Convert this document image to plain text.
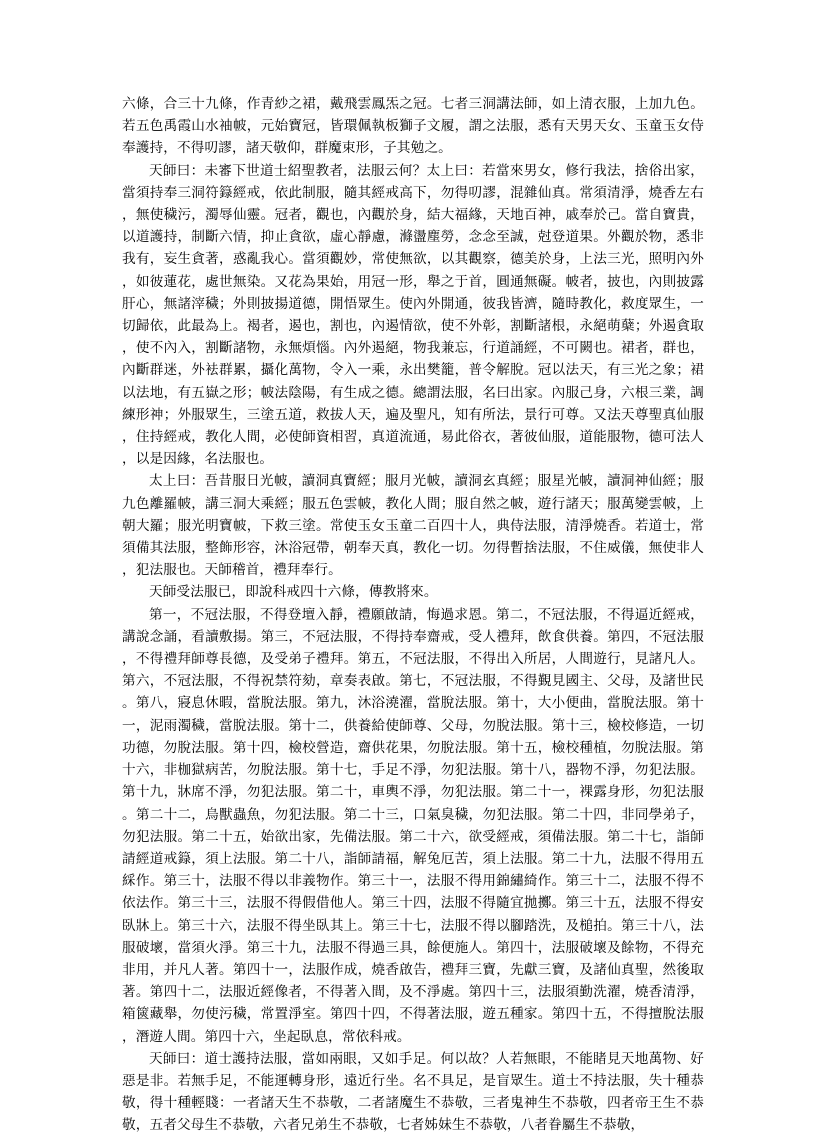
六條，合三十九條，作青紗之裙，戴飛雲鳳炁之冠。七者三洞講法師，如上清衣服，上加九色。若五色禹霞山水袖帔，元始寶冠，皆環佩執板獅子文履，謂之法服，悉有天男天女、玉童玉女侍奉護持，不得叨謬，諸天敬仰，群魔束形，子其勉之。

天師曰：未審下世道士紹聖教者，法服云何？太上曰：若當來男女，修行我法，捨俗出家，當須持奉三洞符籙經戒，依此制服，隨其經戒高下，勿得叨謬，混雜仙真。常須清淨，燒香左右，無使穢污，濁辱仙靈。冠者，觀也，內觀於身，結大福緣，天地百神，戚奉於己。當自寶貴，以道護持，制斷六情，抑止貪欲，虛心靜慮，滌盪塵勞，念念至誠，尅登道果。外觀於物，悉非我有，妄生貪著，惑亂我心。當須觀妙，常使無欲，以其觀察，德美於身，上法三光，照明內外，如彼蓮花，處世無染。又花為果始，用冠一形，舉之于首，圓通無礙。帔者，披也，內則披露肝心，無諸滓穢；外則披揚道德，開悟眾生。使內外開通，彼我皆濟，隨時教化，救度眾生，一切歸依，此最為上。褐者，遏也，割也，內遏情欲，使不外彰，割斷諸根，永絕萌蘖；外遏貪取，使不內入，割斷諸物，永無煩惱。內外遏絕，物我兼忘，行道誦經，不可闕也。裙者，群也，內斷群迷，外袪群累，攝化萬物，令入一乘，永出樊籠，普令解脫。冠以法天，有三光之象；裙以法地，有五嶽之形；帔法陰陽，有生成之德。總謂法服，名曰出家。內服己身，六根三業，調練形神；外服眾生，三塗五道，救拔人天，遍及聖凡，知有所法，景行可尊。又法天尊聖真仙服，住持經戒，教化人間，必使師資相習，真道流通，易此俗衣，著彼仙服，道能服物，德可法人，以是因緣，名法服也。

太上曰：吾昔服日光帔，讀洞真寶經；服月光帔，讀洞玄真經；服星光帔，讀洞神仙經；服九色離羅帔，講三洞大乘經；服五色雲帔，教化人間；服自然之帔，遊行諸天；服萬變雲帔，上朝大羅；服光明寶帔，下救三塗。常使玉女玉童二百四十人，典侍法服，清淨燒香。若道士，常須備其法服，整飾形容，沐浴冠帶，朝奉天真，教化一切。勿得暫捨法服，不住威儀，無使非人，犯法服也。天師稽首，禮拜奉行。

天師受法服已，即說科戒四十六條，傳教將來。

第一，不冠法服，不得登壇入靜，禮願啟請，悔過求恩。第二，不冠法服，不得逼近經戒，講說念誦，看讀敷揚。第三，不冠法服，不得持奉齋戒，受人禮拜，飲食供養。第四，不冠法服，不得禮拜師尊長德，及受弟子禮拜。第五，不冠法服，不得出入所居，人間遊行，見諸凡人。第六，不冠法服，不得祝禁符劾，章奏表啟。第七，不冠法服，不得覲見國主、父母，及諸世民。第八，寢息休暇，當脫法服。第九，沐浴澆濯，當脫法服。第十，大小便曲，當脫法服。第十一，泥雨濁穢，當脫法服。第十二，供養給使師尊、父母，勿脫法服。第十三，檢校修造，一切功德，勿脫法服。第十四，檢校營造，齋供花果，勿脫法服。第十五，檢校種植，勿脫法服。第十六，非枷獄病苦，勿脫法服。第十七，手足不淨，勿犯法服。第十八，器物不淨，勿犯法服。第十九，牀席不淨，勿犯法服。第二十，車輿不淨，勿犯法服。第二十一，裸露身形，勿犯法服。第二十二，烏獸蟲魚，勿犯法服。第二十三，口氣臭穢，勿犯法服。第二十四，非同學弟子，勿犯法服。第二十五，始欲出家，先備法服。第二十六，欲受經戒，須備法服。第二十七，詣師請經道戒籙，須上法服。第二十八，詣師請福，解兔厄苦，須上法服。第二十九，法服不得用五綵作。第三十，法服不得以非義物作。第三十一，法服不得用錦繡綺作。第三十二，法服不得不依法作。第三十三，法服不得假借他人。第三十四，法服不得隨宜拋擲。第三十五，法服不得安臥牀上。第三十六，法服不得坐臥其上。第三十七，法服不得以腳踏洗，及槌拍。第三十八，法服破壞，當須火淨。第三十九，法服不得過三具，餘便施人。第四十，法服破壞及餘物，不得充非用，并凡人著。第四十一，法服作成，燒香啟告，禮拜三寶，先獻三寶，及諸仙真聖，然後取著。第四十二，法服近經像者，不得著入間，及不淨處。第四十三，法服須勤洗濯，燒香清淨，箱篋藏舉，勿使污穢，常置淨室。第四十四，不得著法服，遊五種家。第四十五，不得擅脫法服，潛遊人間。第四十六，坐起臥息，常依科戒。

天師曰：道士護持法服，當如兩眼，又如手足。何以故？人若無眼，不能睹見天地萬物、好惡是非。若無手足，不能運轉身形，遠近行坐。名不具足，是盲眾生。道士不持法服，失十種恭敬，得十種輕賤：一者諸天生不恭敬，二者諸魔生不恭敬，三者鬼神生不恭敬，四者帝王生不恭敬，五者父母生不恭敬，六者兄弟生不恭敬，七者姊妹生不恭敬，八者眷屬生不恭敬，
